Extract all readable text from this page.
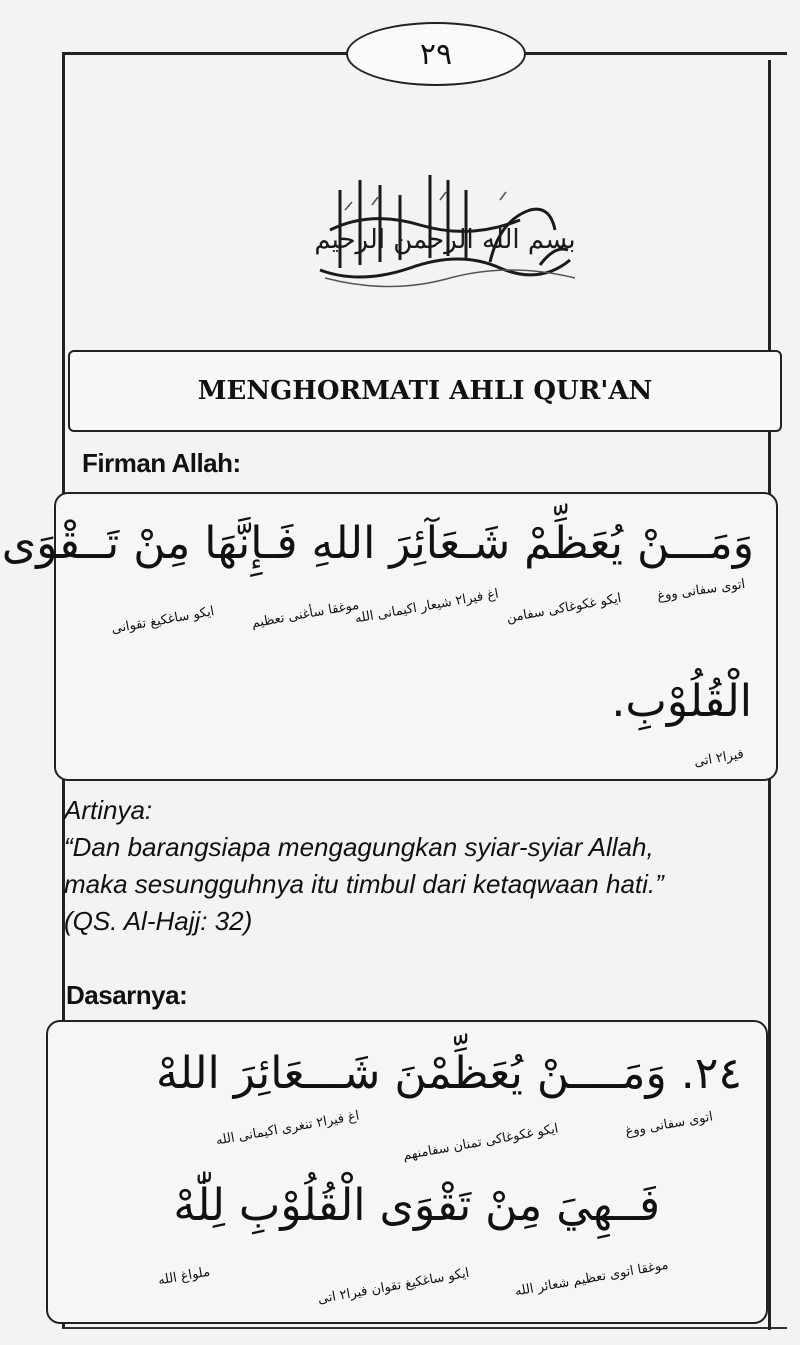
٢٩
بسم الله الرحمن الرحيم
MENGHORMATI AHLI QUR'AN
Firman Allah:
وَمَـــنْ يُعَظِّمْ شَـعَآئِرَ اللهِ فَـإِنَّهَا مِنْ تَــقْوَى
اتوى سفانى ووغ
ايكو غكوغاكى سفامن
اغ فيرا٢ شيعار اكيمانى الله
موغقا سأغنى تعظيم
ايكو ساغكيغ تقوانى
الْقُلُوْبِ.
فيرا٢ اتى
Artinya:
“Dan barangsiapa mengagungkan syiar-syiar Allah,
maka sesungguhnya itu timbul dari ketaqwaan hati.”
(QS. Al-Hajj: 32)
Dasarnya:
٢٤. وَمَــــنْ يُعَظِّمْنَ شَـــعَائِرَ اللهْ
اتوى سفانى ووغ
ايكو غكوغاكى تمنان سفامنهم
اغ فيرا٢ تنغرى اكيمانى الله
فَــهِيَ مِنْ تَقْوَى الْقُلُوْبِ لِلّٰهْ
موغقا اتوى تعظيم شعائر الله
ايكو ساغكيغ تقوان فيرا٢ اتى
ملواغ الله
